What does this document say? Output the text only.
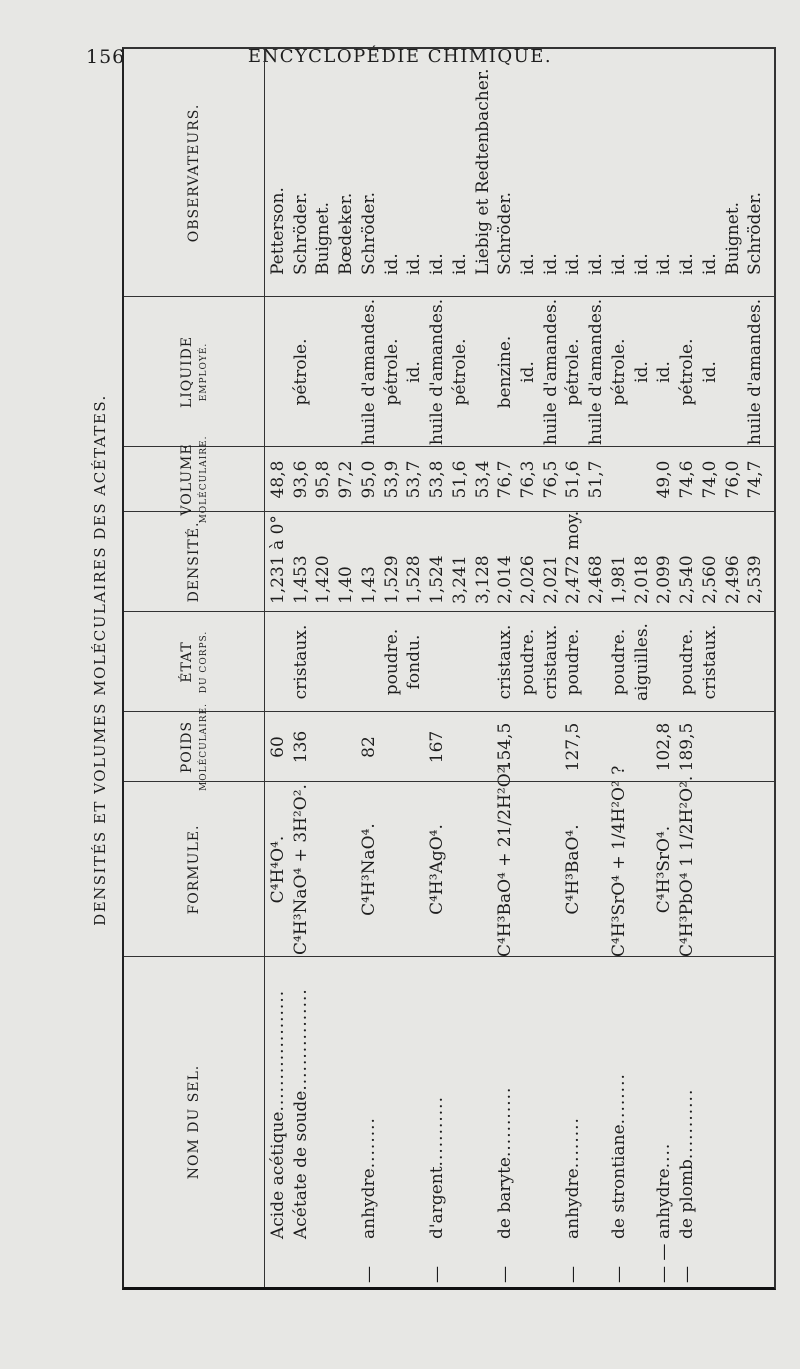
156	ENCYCLOPÉDIE CHIMIQUE.
DENSITÉS ET VOLUMES MOLÉCULAIRES DES ACÉTATES.
NOM DU SEL.
FORMULE.
POIDS MOLÉCULAIRE.
ÉTAT DU CORPS.
DENSITÉ.
VOLUME MOLÉCULAIRE.
LIQUIDE EMPLOYÉ.
OBSERVATEURS.
Acide acétique...................
C⁴H⁴O⁴.
60
1,231 à 0°
48,8
Petterson.
Acétate de soude................
C⁴H³NaO⁴ + 3H²O².
136
cristaux.
1,453
93,6
pétrole.
Schröder.
1,420
95,8
Buignet.
1,40
97,2
Bœdeker.
—anhydre........
C⁴H³NaO⁴.
82
1,43
95,0
huile d'amandes.
Schröder.
poudre.
1,529
53,9
pétrole.
id.
fondu.
1,528
53,7
id.
id.
—d'argent...........
C⁴H³AgO⁴.
167
1,524
53,8
huile d'amandes.
id.
3,241
51,6
pétrole.
id.
3,128
53,4
Liebig et Redtenbacher.
—de baryte...........
C⁴H³BaO⁴ + 21/2H²O².
154,5
cristaux.
2,014
76,7
benzine.
Schröder.
poudre.
2,026
76,3
id.
id.
cristaux.
2,021
76,5
huile d'amandes.
id.
—anhydre........
C⁴H³BaO⁴.
127,5
poudre.
2,472 moy.
51,6
pétrole.
id.
2,468
51,7
huile d'amandes.
id.
—de strontiane........
C⁴H³SrO⁴ + 1/4H²O² ?
poudre.
1,981
pétrole.
id.
aiguilles.
2,018
id.
id.
— —anhydre....
C⁴H³SrO⁴.
102,8
2,099
49,0
id.
id.
—de plomb...........
C⁴H³PbO⁴ 1 1/2H²O².
189,5
poudre.
2,540
74,6
pétrole.
id.
cristaux.
2,560
74,0
id.
id.
2,496
76,0
Buignet.
2,539
74,7
huile d'amandes.
Schröder.
